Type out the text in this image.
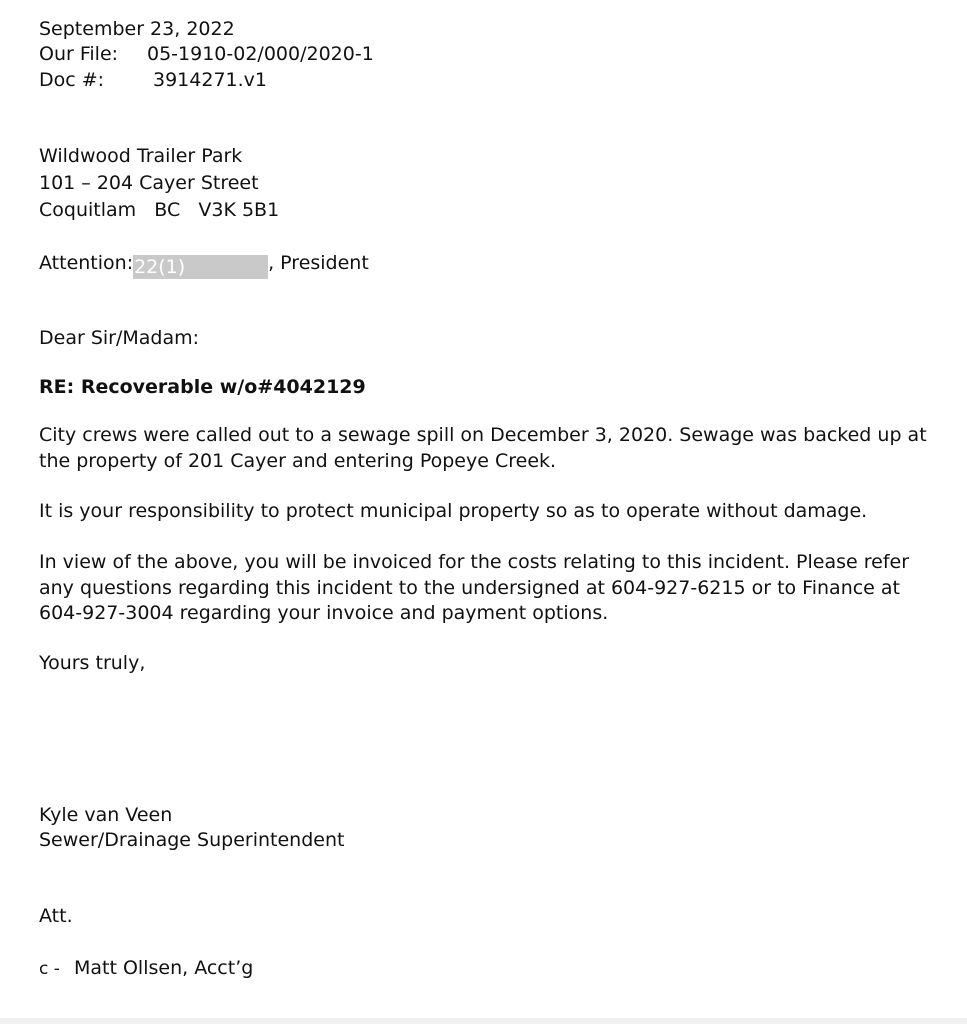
September 23, 2022
Our File: 05-1910-02/000/2020-1
Doc #:	3914271.v1
Wildwood Trailer Park
101 – 204 Cayer Street
Coquitlam   BC   V3K 5B1
Attention:22(1)	, President
Dear Sir/Madam:
RE: Recoverable w/o#4042129
City crews were called out to a sewage spill on December 3, 2020. Sewage was backed up at the property of 201 Cayer and entering Popeye Creek.
It is your responsibility to protect municipal property so as to operate without damage.
In view of the above, you will be invoiced for the costs relating to this incident. Please refer any questions regarding this incident to the undersigned at 604-927-6215 or to Finance at 604-927-3004 regarding your invoice and payment options.
Yours truly,
Kyle van Veen
Sewer/Drainage Superintendent
Att.
c - Matt Ollsen, Acct’g
